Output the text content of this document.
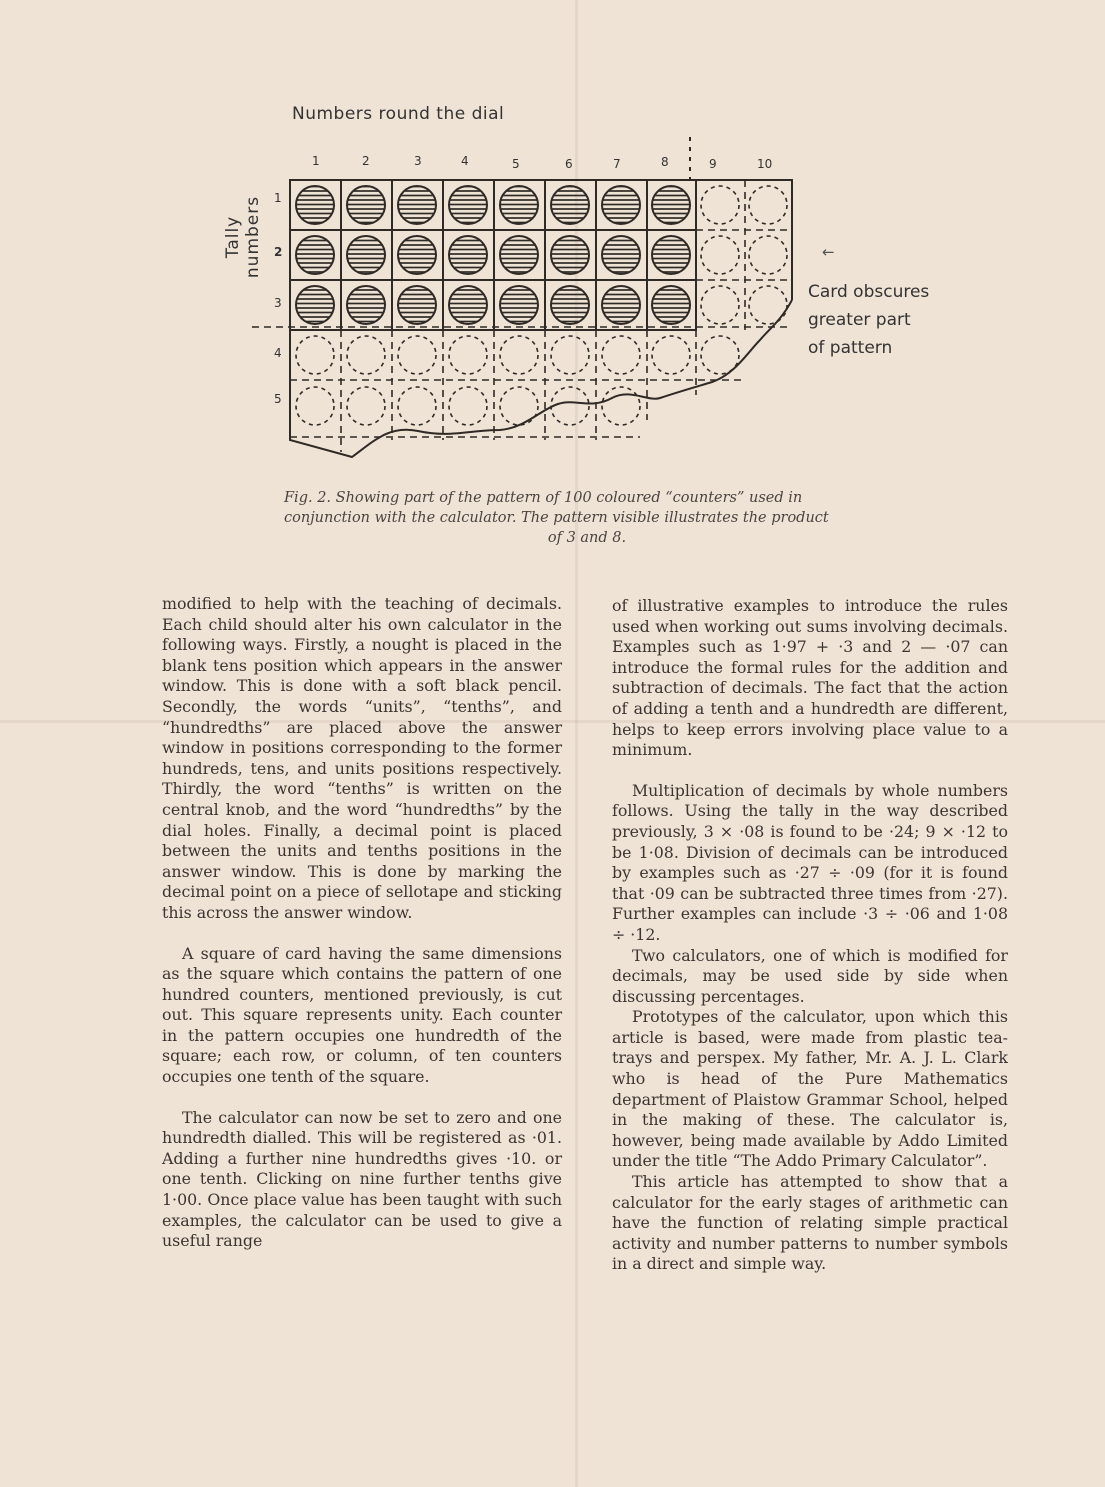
Numbers round the dial
1	2	3	4	5	6	7	8	9	10
Tally numbers 1
2
3
4
5
←
Card obscures
greater part
of pattern
Fig. 2. Showing part of the pattern of 100 coloured “counters” used in
conjunction with the calculator. The pattern visible illustrates the product
of 3 and 8.

modified to help with the teaching of decimals. Each child should alter his own calculator in the following ways. Firstly, a nought is placed in the blank tens position which appears in the answer window. This is done with a soft black pencil. Secondly, the words “units”, “tenths”, and “hundredths” are placed above the answer window in positions corresponding to the former hundreds, tens, and units positions respectively. Thirdly, the word “tenths” is written on the central knob, and the word “hundredths” by the dial holes. Finally, a decimal point is placed between the units and tenths positions in the answer window. This is done by marking the decimal point on a piece of sellotape and sticking this across the answer window.

A square of card having the same dimensions as the square which contains the pattern of one hundred counters, mentioned previously, is cut out. This square represents unity. Each counter in the pattern occupies one hundredth of the square; each row, or column, of ten counters occupies one tenth of the square.

The calculator can now be set to zero and one hundredth dialled. This will be registered as ·01. Adding a further nine hundredths gives ·10. or one tenth. Clicking on nine further tenths give 1·00. Once place value has been taught with such examples, the calculator can be used to give a useful range

of illustrative examples to introduce the rules used when working out sums involving decimals. Examples such as 1·97 + ·3 and 2 — ·07 can introduce the formal rules for the addition and subtraction of decimals. The fact that the action of adding a tenth and a hundredth are different, helps to keep errors involving place value to a minimum.

Multiplication of decimals by whole numbers follows. Using the tally in the way described previously, 3 × ·08 is found to be ·24; 9 × ·12 to be 1·08. Division of decimals can be introduced by examples such as ·27 ÷ ·09 (for it is found that ·09 can be subtracted three times from ·27). Further examples can include ·3 ÷ ·06 and 1·08 ÷ ·12.

Two calculators, one of which is modified for decimals, may be used side by side when discussing percentages.

Prototypes of the calculator, upon which this article is based, were made from plastic tea-trays and perspex. My father, Mr. A. J. L. Clark who is head of the Pure Mathematics department of Plaistow Grammar School, helped in the making of these. The calculator is, however, being made available by Addo Limited under the title “The Addo Primary Calculator”.

This article has attempted to show that a calculator for the early stages of arithmetic can have the function of relating simple practical activity and number patterns to number symbols in a direct and simple way.
